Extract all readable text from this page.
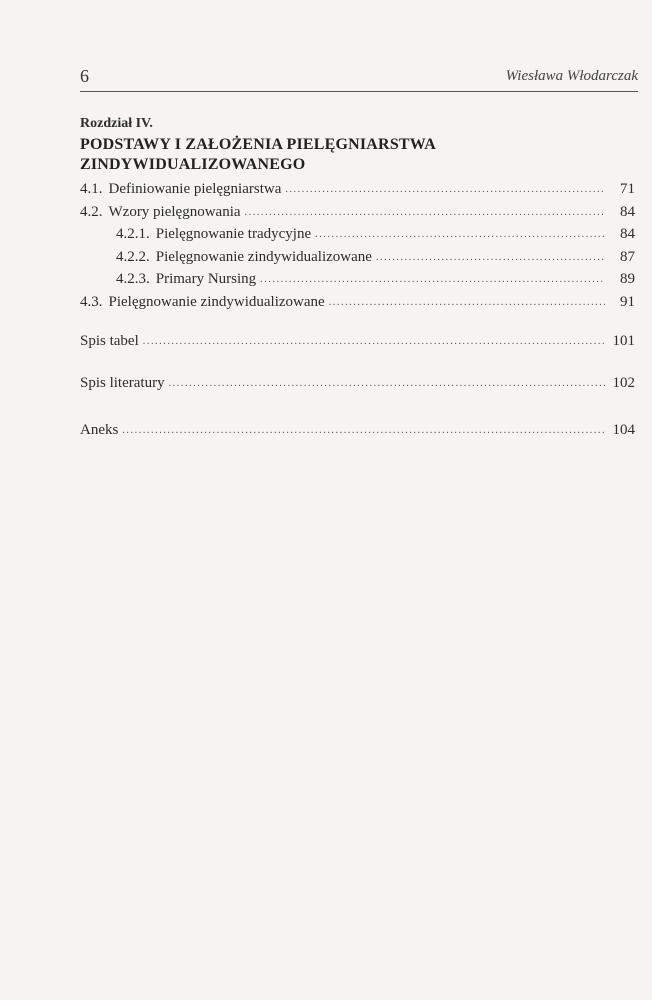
6	Wiesława Włodarczak

Rozdział IV.

PODSTAWY I ZAŁOŻENIA PIELĘGNIARSTWA ZINDYWIDUALIZOWANEGO
4.1. Definiowanie pielęgniarstwa .....	71
4.2. Wzory pielęgnowania .....	84
4.2.1. Pielęgnowanie tradycyjne .....	84
4.2.2. Pielęgnowanie zindywidualizowane .....	87
4.2.3. Primary Nursing .....	89
4.3. Pielęgnowanie zindywidualizowane .....	91
Spis tabel .....	101
Spis literatury .....	102
Aneks .....	104
